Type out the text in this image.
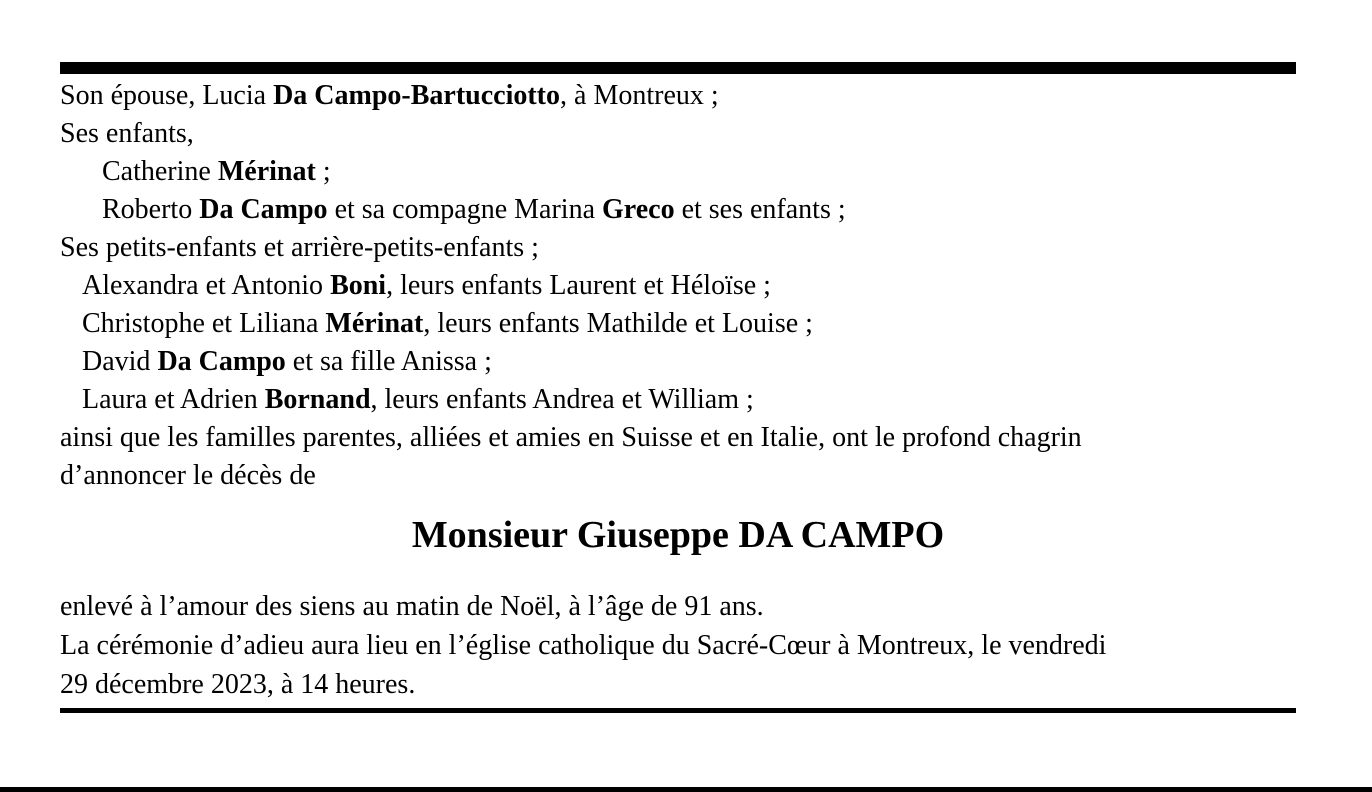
Son épouse, Lucia Da Campo-Bartucciotto, à Montreux ;
Ses enfants,
Catherine Mérinat ;
Roberto Da Campo et sa compagne Marina Greco et ses enfants ;
Ses petits-enfants et arrière-petits-enfants ;
Alexandra et Antonio Boni, leurs enfants Laurent et Héloïse ;
Christophe et Liliana Mérinat, leurs enfants Mathilde et Louise ;
David Da Campo et sa fille Anissa ;
Laura et Adrien Bornand, leurs enfants Andrea et William ;
ainsi que les familles parentes, alliées et amies en Suisse et en Italie, ont le profond chagrin
d’annoncer le décès de
Monsieur Giuseppe DA CAMPO
enlevé à l’amour des siens au matin de Noël, à l’âge de 91 ans.
La cérémonie d’adieu aura lieu en l’église catholique du Sacré-Cœur à Montreux, le vendredi
29 décembre 2023, à 14 heures.
